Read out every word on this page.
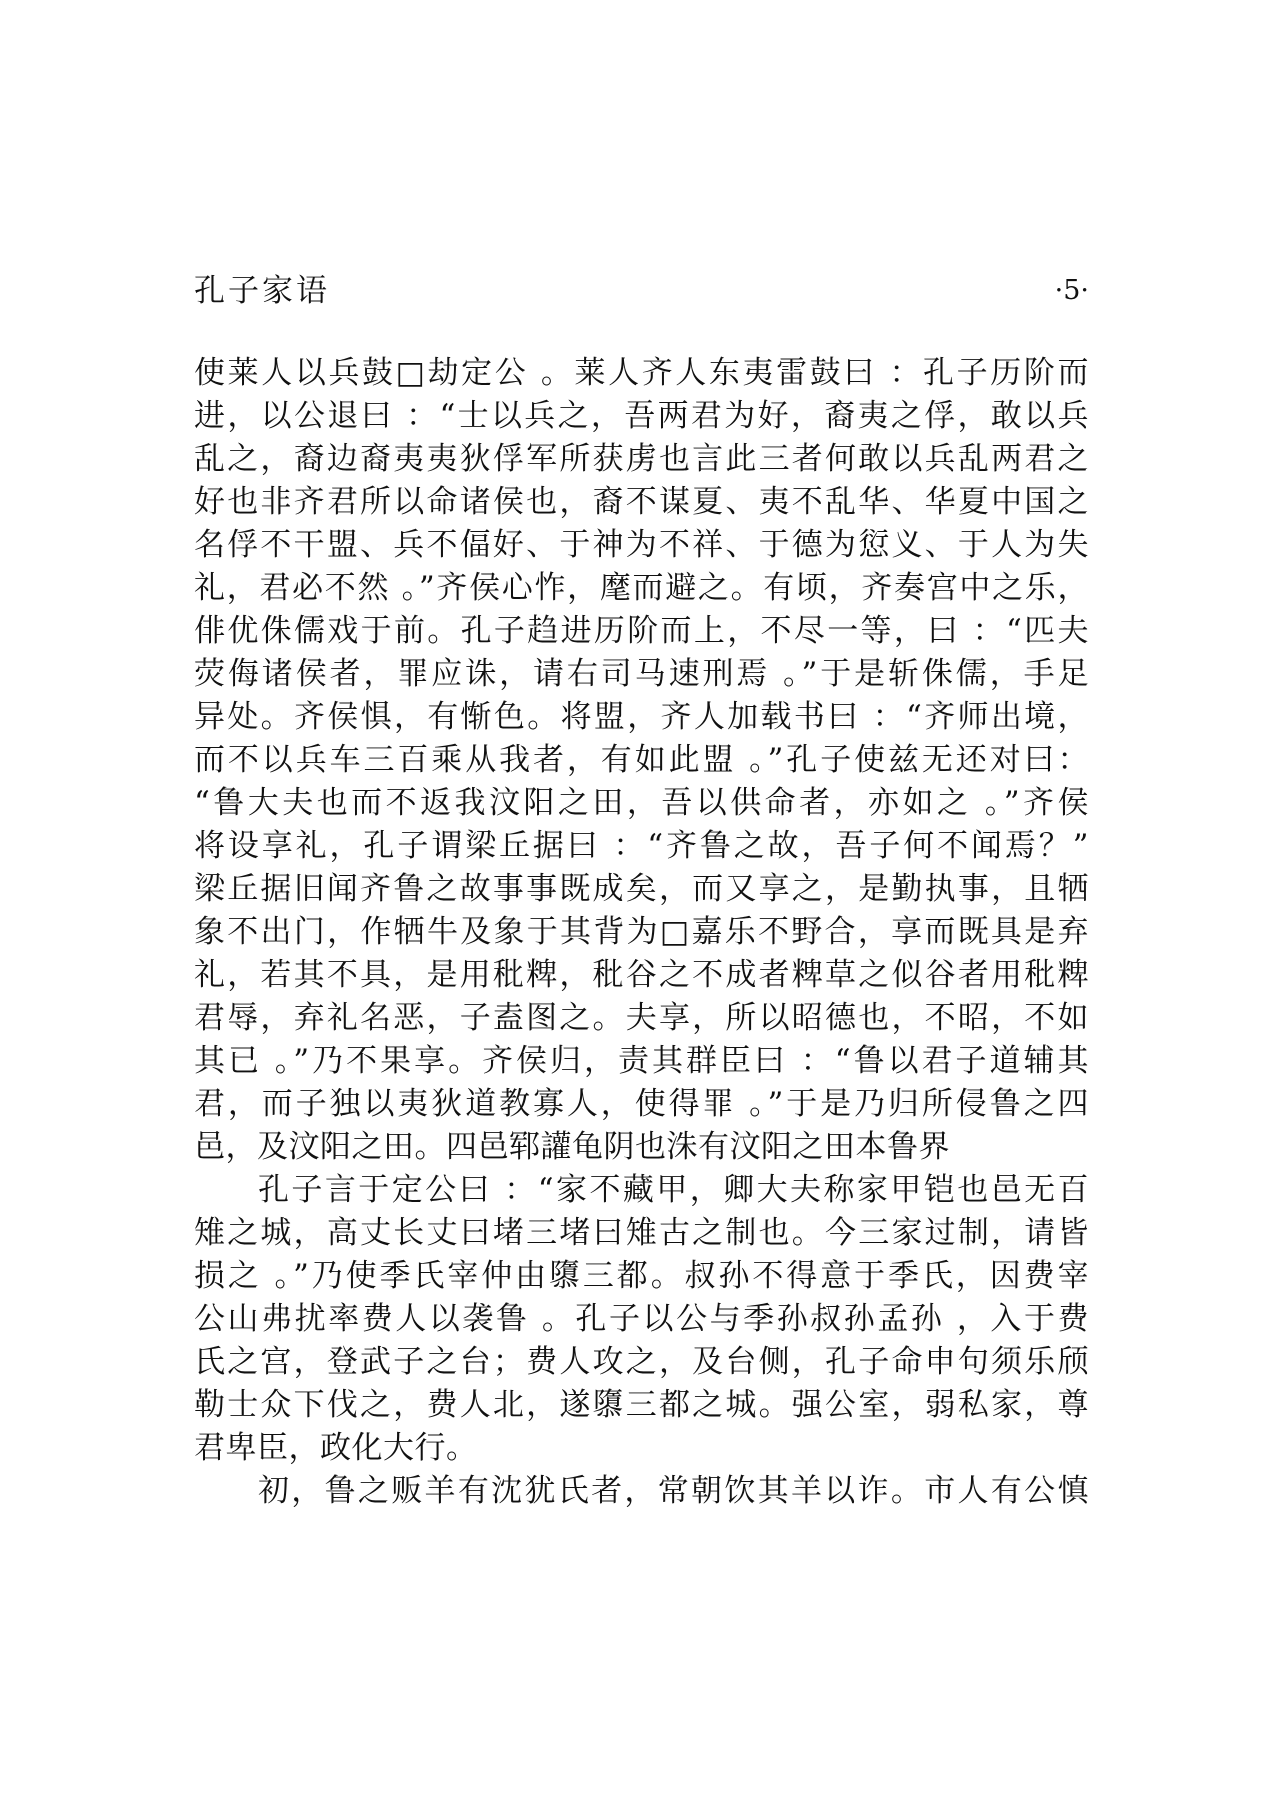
孔子家语	·5·
使莱人以兵鼓□劫定公 。莱人齐人东夷雷鼓曰 ：孔子历阶而
进，以公退曰 ：“士以兵之，吾两君为好，裔夷之俘，敢以兵
乱之，裔边裔夷夷狄俘军所获虏也言此三者何敢以兵乱两君之
好也非齐君所以命诸侯也，裔不谋夏、夷不乱华、华夏中国之
名俘不干盟、兵不偪好、于神为不祥、于德为愆义、于人为失
礼，君必不然 。”齐侯心怍，麾而避之。有顷，齐奏宫中之乐，
俳优侏儒戏于前。孔子趋进历阶而上，不尽一等，曰 ：“匹夫
荧侮诸侯者，罪应诛，请右司马速刑焉 。”于是斩侏儒，手足
异处。齐侯惧，有惭色。将盟，齐人加载书曰 ：“齐师出境，
而不以兵车三百乘从我者，有如此盟 。”孔子使兹无还对曰：
“鲁大夫也而不返我汶阳之田，吾以供命者，亦如之 。”齐侯
将设享礼，孔子谓梁丘据曰 ：“齐鲁之故，吾子何不闻焉？”
梁丘据旧闻齐鲁之故事事既成矣，而又享之，是勤执事，且牺
象不出门，作牺牛及象于其背为□嘉乐不野合，享而既具是弃
礼，若其不具，是用秕粺，秕谷之不成者粺草之似谷者用秕粺
君辱，弃礼名恶，子盍图之。夫享，所以昭德也，不昭，不如
其已 。”乃不果享。齐侯归，责其群臣曰 ：“鲁以君子道辅其
君，而子独以夷狄道教寡人，使得罪 。”于是乃归所侵鲁之四
邑，及汶阳之田。四邑郓讙龟阴也洙有汶阳之田本鲁界
孔子言于定公曰 ：“家不藏甲，卿大夫称家甲铠也邑无百
雉之城，高丈长丈曰堵三堵曰雉古之制也。今三家过制，请皆
损之 。”乃使季氏宰仲由隳三都。叔孙不得意于季氏，因费宰
公山弗扰率费人以袭鲁 。孔子以公与季孙叔孙孟孙 ，入于费
氏之宫，登武子之台；费人攻之，及台侧，孔子命申句须乐颀
勒士众下伐之，费人北，遂隳三都之城。强公室，弱私家，尊
君卑臣，政化大行。
初，鲁之贩羊有沈犹氏者，常朝饮其羊以诈。市人有公慎
